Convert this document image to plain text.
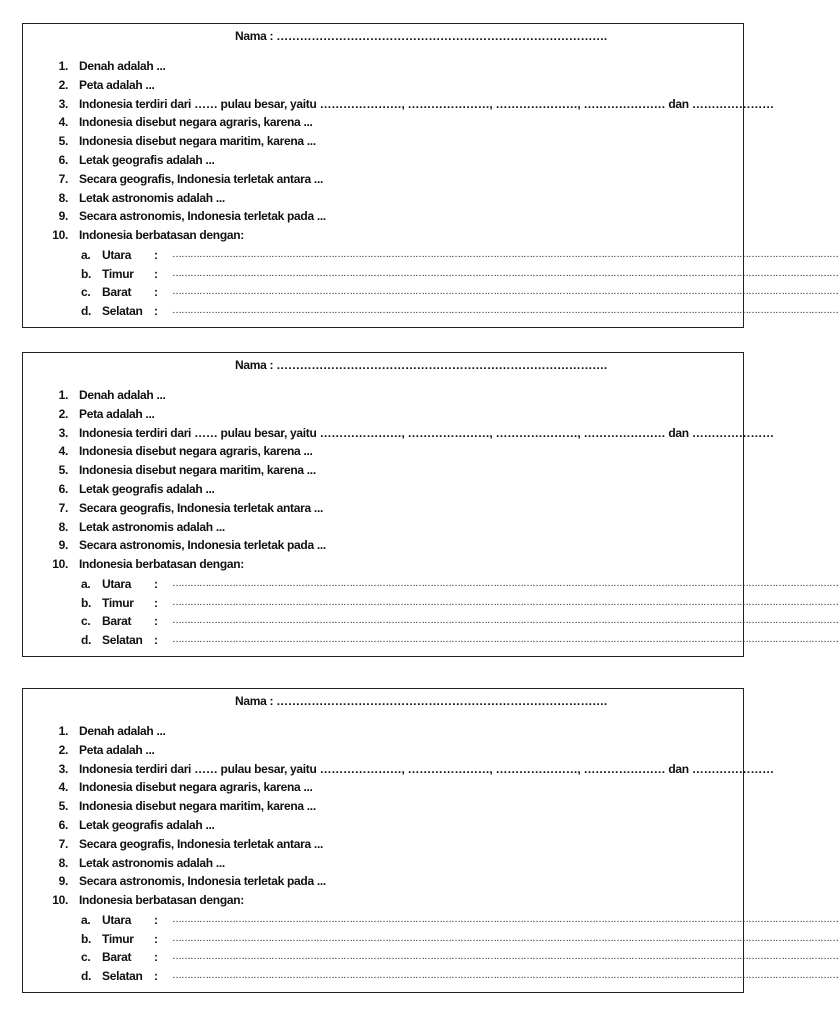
Nama : ………………………………………………………………………….
1. Denah adalah ...
2. Peta adalah ...
3. Indonesia terdiri dari …… pulau besar, yaitu …………………, …………………, …………………, ………………… dan …………………
4. Indonesia disebut negara agraris, karena ...
5. Indonesia disebut negara maritim, karena ...
6. Letak geografis adalah ...
7. Secara geografis, Indonesia terletak antara ...
8. Letak astronomis adalah ...
9. Secara astronomis, Indonesia terletak pada ...
10. Indonesia berbatasan dengan:
a. Utara : ……………………………………………………………………………………………………………………………………………………………………………………………………
b. Timur : ……………………………………………………………………………………………………………………………………………………………………………………………………
c. Barat : ……………………………………………………………………………………………………………………………………………………………………………………………………
d. Selatan : ……………………………………………………………………………………………………………………………………………………………………………………………………
Nama : ………………………………………………………………………….
1. Denah adalah ...
2. Peta adalah ...
3. Indonesia terdiri dari …… pulau besar, yaitu …………………, …………………, …………………, ………………… dan …………………
4. Indonesia disebut negara agraris, karena ...
5. Indonesia disebut negara maritim, karena ...
6. Letak geografis adalah ...
7. Secara geografis, Indonesia terletak antara ...
8. Letak astronomis adalah ...
9. Secara astronomis, Indonesia terletak pada ...
10. Indonesia berbatasan dengan:
a. Utara : ……………………………………………………………………………………………………………………………………………………………………………………………………
b. Timur : ……………………………………………………………………………………………………………………………………………………………………………………………………
c. Barat : ……………………………………………………………………………………………………………………………………………………………………………………………………
d. Selatan : ……………………………………………………………………………………………………………………………………………………………………………………………………
Nama : ………………………………………………………………………….
1. Denah adalah ...
2. Peta adalah ...
3. Indonesia terdiri dari …… pulau besar, yaitu …………………, …………………, …………………, ………………… dan …………………
4. Indonesia disebut negara agraris, karena ...
5. Indonesia disebut negara maritim, karena ...
6. Letak geografis adalah ...
7. Secara geografis, Indonesia terletak antara ...
8. Letak astronomis adalah ...
9. Secara astronomis, Indonesia terletak pada ...
10. Indonesia berbatasan dengan:
a. Utara : ……………………………………………………………………………………………………………………………………………………………………………………………………
b. Timur : ……………………………………………………………………………………………………………………………………………………………………………………………………
c. Barat : ……………………………………………………………………………………………………………………………………………………………………………………………………
d. Selatan : ……………………………………………………………………………………………………………………………………………………………………………………………………
